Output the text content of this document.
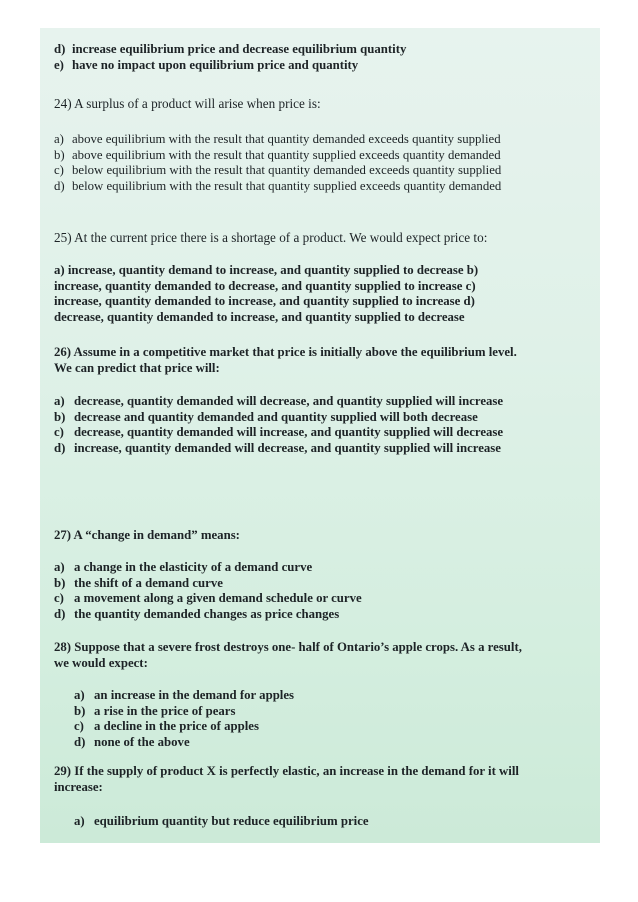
d) increase equilibrium price and decrease equilibrium quantity
e) have no impact upon equilibrium price and quantity

24) A surplus of a product will arise when price is:

a) above equilibrium with the result that quantity demanded exceeds quantity supplied
b) above equilibrium with the result that quantity supplied exceeds quantity demanded
c) below equilibrium with the result that quantity demanded exceeds quantity supplied
d) below equilibrium with the result that quantity supplied exceeds quantity demanded

25) At the current price there is a shortage of a product. We would expect price to:

a) increase, quantity demand to increase, and quantity supplied to decrease b)

increase, quantity demanded to decrease, and quantity supplied to increase c)

increase, quantity demanded to increase, and quantity supplied to increase d)

decrease, quantity demanded to increase, and quantity supplied to decrease

26) Assume in a competitive market that price is initially above the equilibrium level.

We can predict that price will:

a) decrease, quantity demanded will decrease, and quantity supplied will increase
b) decrease and quantity demanded and quantity supplied will both decrease
c) decrease, quantity demanded will increase, and quantity supplied will decrease
d) increase, quantity demanded will decrease, and quantity supplied will increase

27) A “change in demand” means:

a) a change in the elasticity of a demand curve
b) the shift of a demand curve
c) a movement along a given demand schedule or curve
d) the quantity demanded changes as price changes

28) Suppose that a severe frost destroys one- half of Ontario’s apple crops. As a result,

we would expect:

a) an increase in the demand for apples
b) a rise in the price of pears
c) a decline in the price of apples
d) none of the above

29) If the supply of product X is perfectly elastic, an increase in the demand for it will

increase:

a) equilibrium quantity but reduce equilibrium price
